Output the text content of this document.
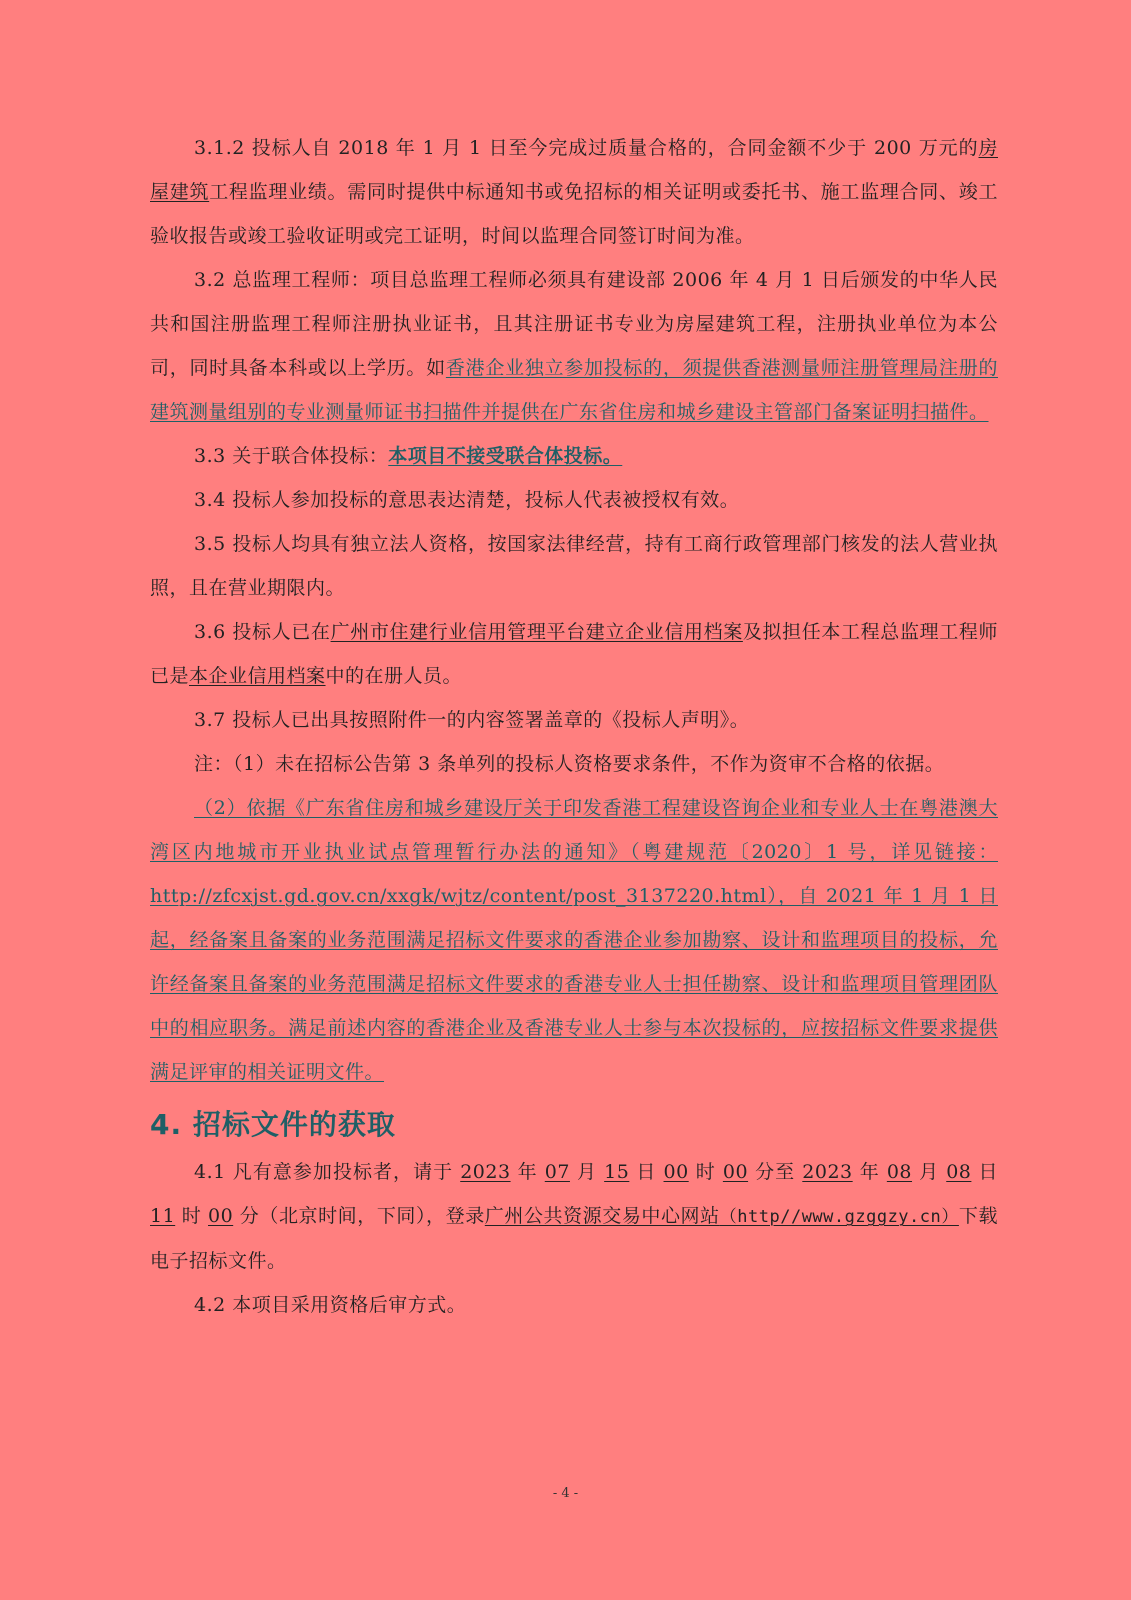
3.1.2 投标人自 2018 年 1 月 1 日至今完成过质量合格的，合同金额不少于 200 万元的房屋建筑工程监理业绩。需同时提供中标通知书或免招标的相关证明或委托书、施工监理合同、竣工验收报告或竣工验收证明或完工证明，时间以监理合同签订时间为准。

3.2 总监理工程师：项目总监理工程师必须具有建设部 2006 年 4 月 1 日后颁发的中华人民共和国注册监理工程师注册执业证书，且其注册证书专业为房屋建筑工程，注册执业单位为本公司，同时具备本科或以上学历。如香港企业独立参加投标的，须提供香港测量师注册管理局注册的建筑测量组别的专业测量师证书扫描件并提供在广东省住房和城乡建设主管部门备案证明扫描件。

3.3 关于联合体投标：本项目不接受联合体投标。

3.4 投标人参加投标的意思表达清楚，投标人代表被授权有效。

3.5 投标人均具有独立法人资格，按国家法律经营，持有工商行政管理部门核发的法人营业执照，且在营业期限内。

3.6 投标人已在广州市住建行业信用管理平台建立企业信用档案及拟担任本工程总监理工程师已是本企业信用档案中的在册人员。

3.7 投标人已出具按照附件一的内容签署盖章的《投标人声明》。

注：（1）未在招标公告第 3 条单列的投标人资格要求条件，不作为资审不合格的依据。

（2）依据《广东省住房和城乡建设厅关于印发香港工程建设咨询企业和专业人士在粤港澳大湾区内地城市开业执业试点管理暂行办法的通知》（粤建规范〔2020〕1 号，详见链接：http://zfcxjst.gd.gov.cn/xxgk/wjtz/content/post_3137220.html），自 2021 年 1 月 1 日起，经备案且备案的业务范围满足招标文件要求的香港企业参加勘察、设计和监理项目的投标，允许经备案且备案的业务范围满足招标文件要求的香港专业人士担任勘察、设计和监理项目管理团队中的相应职务。满足前述内容的香港企业及香港专业人士参与本次投标的，应按招标文件要求提供满足评审的相关证明文件。

4. 招标文件的获取

4.1 凡有意参加投标者，请于 2023 年 07 月 15 日 00 时 00 分至 2023 年 08 月 08 日 11 时 00 分（北京时间，下同），登录广州公共资源交易中心网站（http//www.gzggzy.cn）下载电子招标文件。

4.2 本项目采用资格后审方式。

- 4 -
